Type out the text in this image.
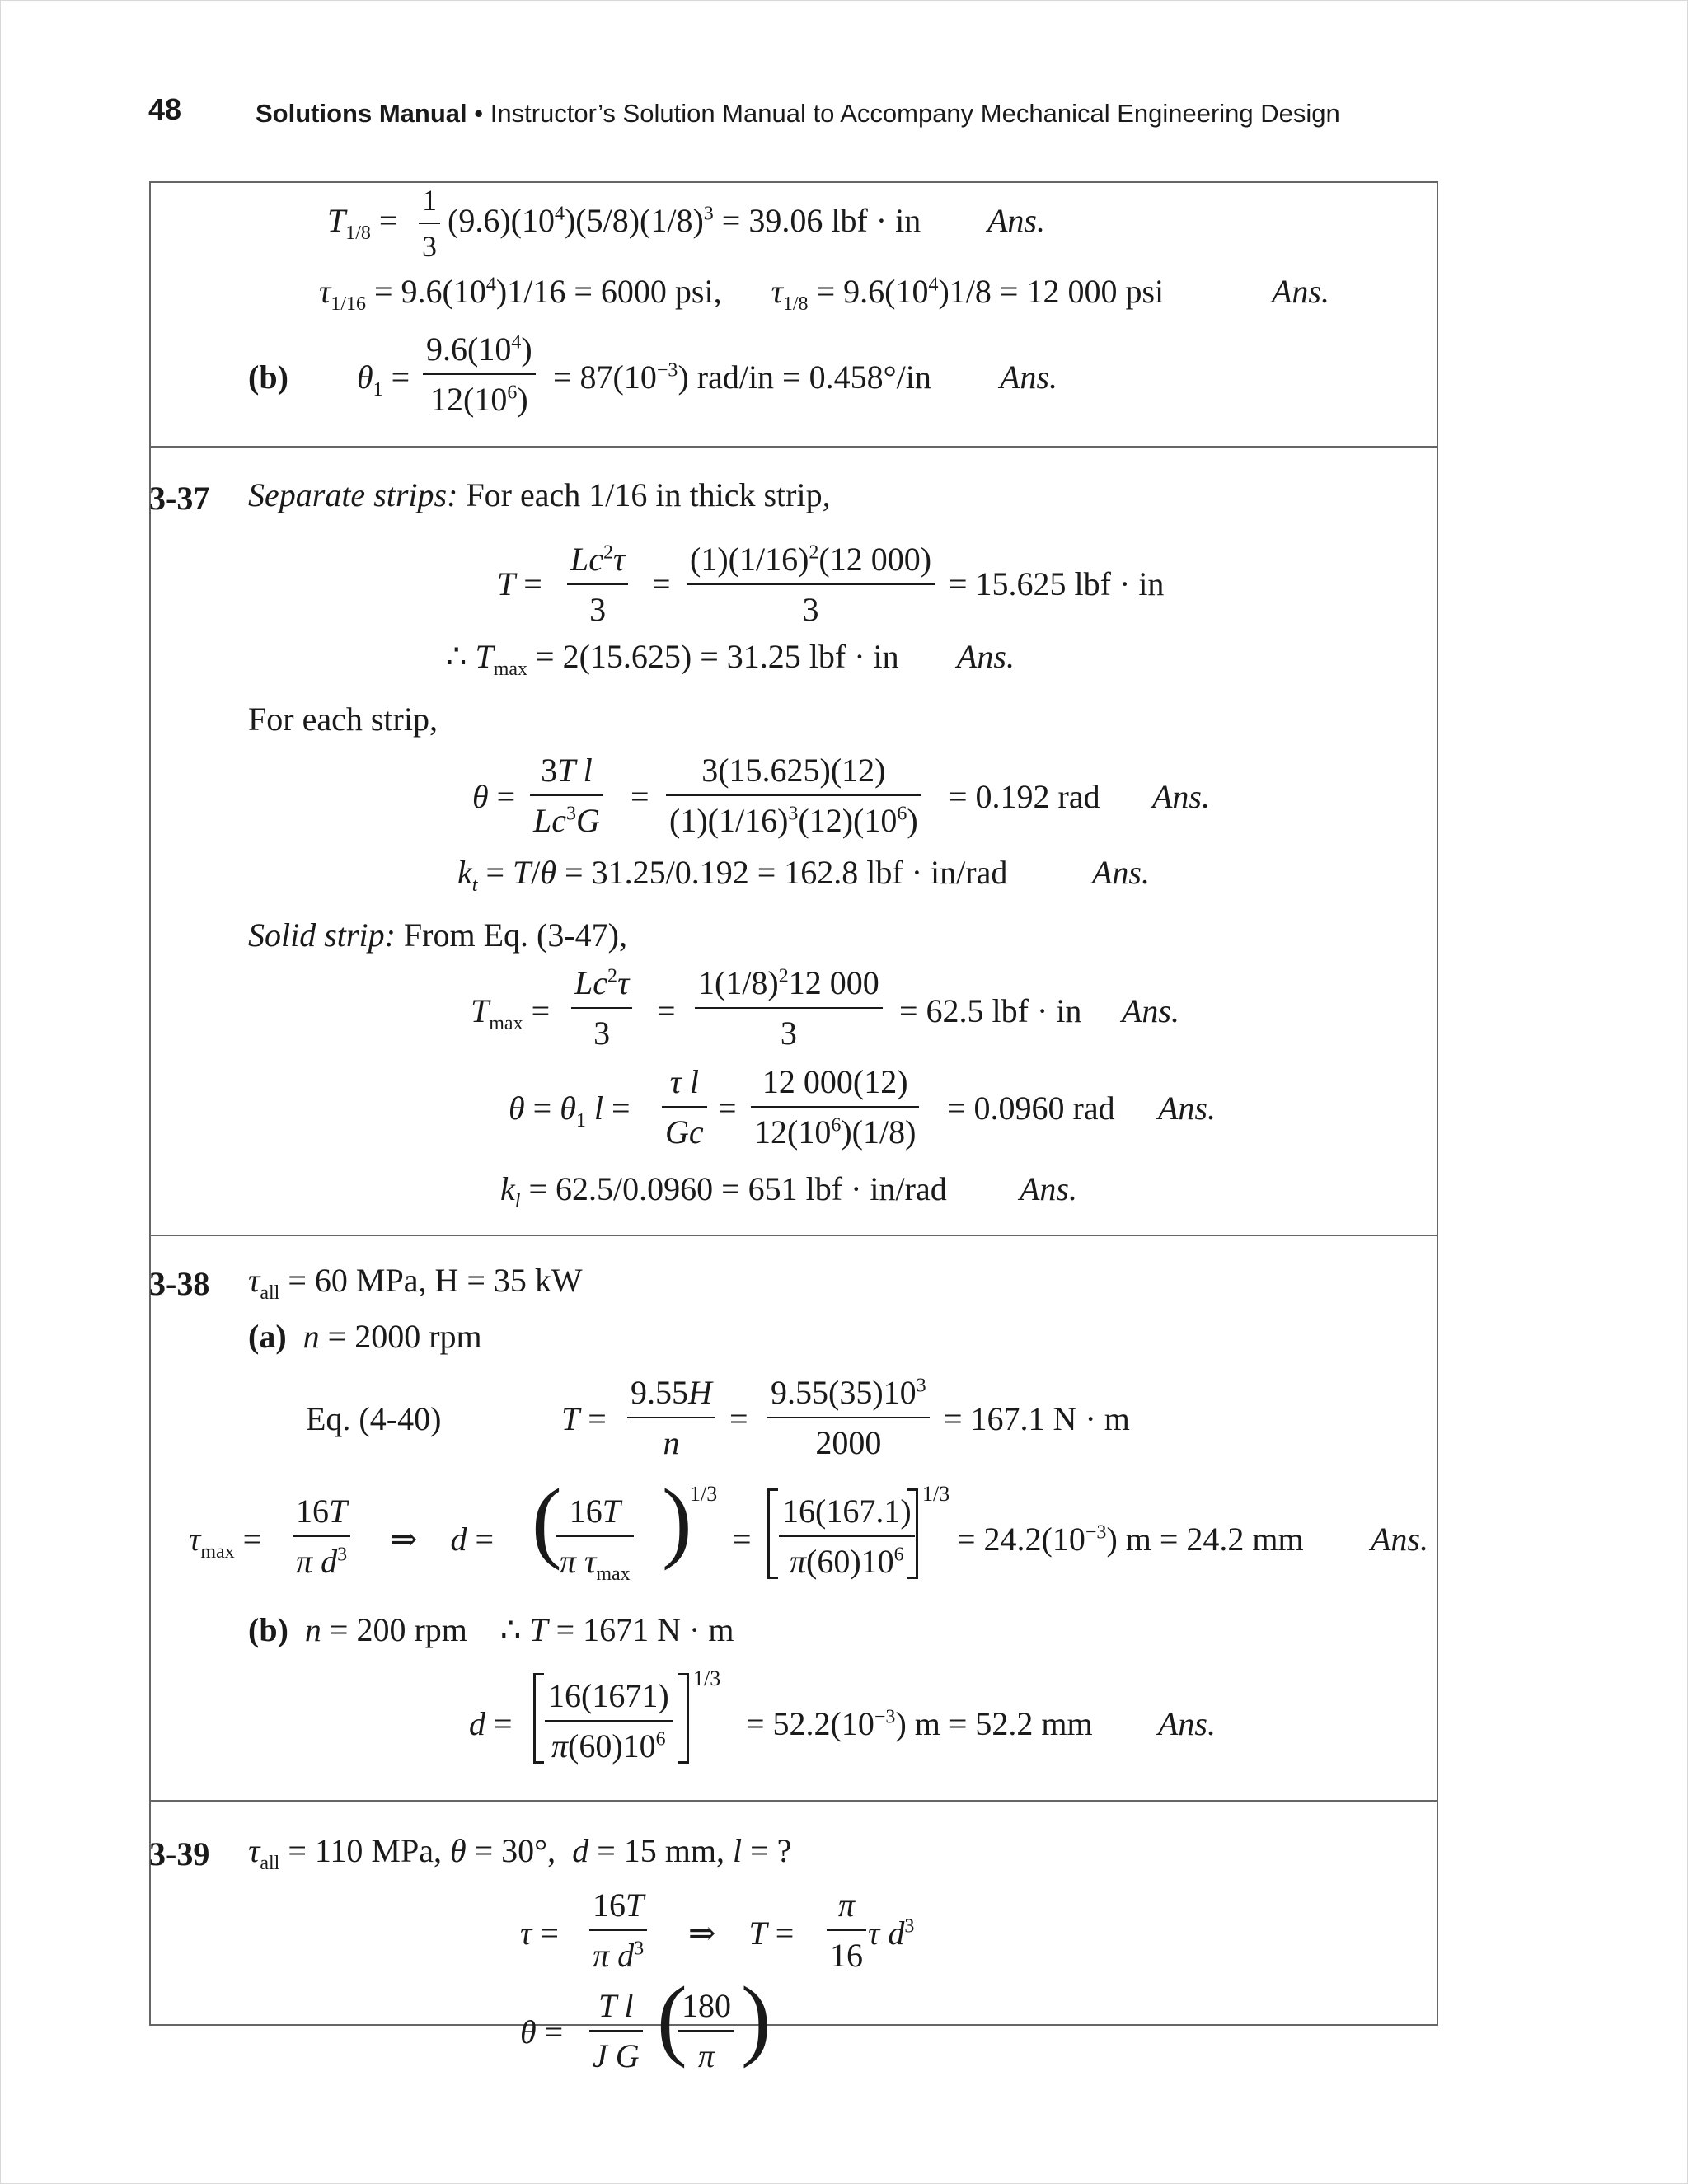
48	Solutions Manual • Instructor’s Solution Manual to Accompany Mechanical Engineering Design
$T_{1/8} = \frac{1}{3} (9.6)(10^4)(5/8)(1/8)^3 = 39.06$ lbf · in Ans.
$\tau_{1/16} = 9.6(10^4)1/16 = 6000$ psi, $\tau_{1/8} = 9.6(10^4)1/8 = 12$ 000 psi	Ans.
(b) $\theta_1 = \frac{9.6(10^4)}{12(10^6)} = 87(10^{-3}) rad/in = 0.458^\circ/in$ Ans.
3-37 Separate strips: For each 1/16 in thick strip,
$T = \frac{Lc^2\tau}{3} = \frac{(1)(1/16)^2(12 000)}{3} = 15.625$ lbf · in
∴ $T_{max} = 2(15.625) = 31.25$ lbf · in Ans.
For each strip,
$\theta = \frac{\text{3T l}}{Lc^3G} = \frac{3(15.625)(12)}{(1)(1/16)^3(12)(10^6)} = 0.192$ rad Ans.
$k_t = T/\theta = 31.25/0.192 = 162.8$ lbf · in/rad	Ans.
Solid strip: From Eq. (3-47),
$T_{max} = \frac{Lc^2\tau}{3} = \frac{1(1/8)^212 000}{3} = 62.5$ lbf · in Ans.
$\theta = \theta_1$ $l = \frac{\text{τ l}}{Gc} = \frac{12 000(12)}{12(10^6)(1/8)} = 0.0960$ rad Ans.
$k_l = 62.5/0.0960 = 651$ lbf · in/rad Ans.
3-38 $\tau_{all} = 60$ MPa, H = 35 kW
(a) n = 2000 rpm
Eq. (4-40)	$T = \frac{9.55H}{n} = \frac{9.55(35)10^3}{2000} = 167.1$ N · m
$\tau_{max} = \frac{16T}{\pi d^3}$ ⇒    d = ( 16T
π $\tau_{max}$
)
1/3
= $\frac{16(167.1)}{\pi(60)10^6} 1/3$
= $24.2(10^{-3}) m = 24.2$ mm Ans.
(b) n = 200 rpm    ∴ T = 1671 N · m
$d = \frac{16(1671)}{\pi(60)10^6} 1/3$
= $52.2(10^{-3}) m = 52.2$ mm Ans.
3-39 $\tau_{all} = 110$ MPa, θ = 30°,  d = 15 mm, l = ?
$\tau = \frac{16T}{\pi d^3}$ ⇒    $T = \frac{\pi}{16}$ τ $d^3$
$\theta = \frac{\text{T l}}{\text{J G}}$ (
$\frac{180}{\pi}$ )
